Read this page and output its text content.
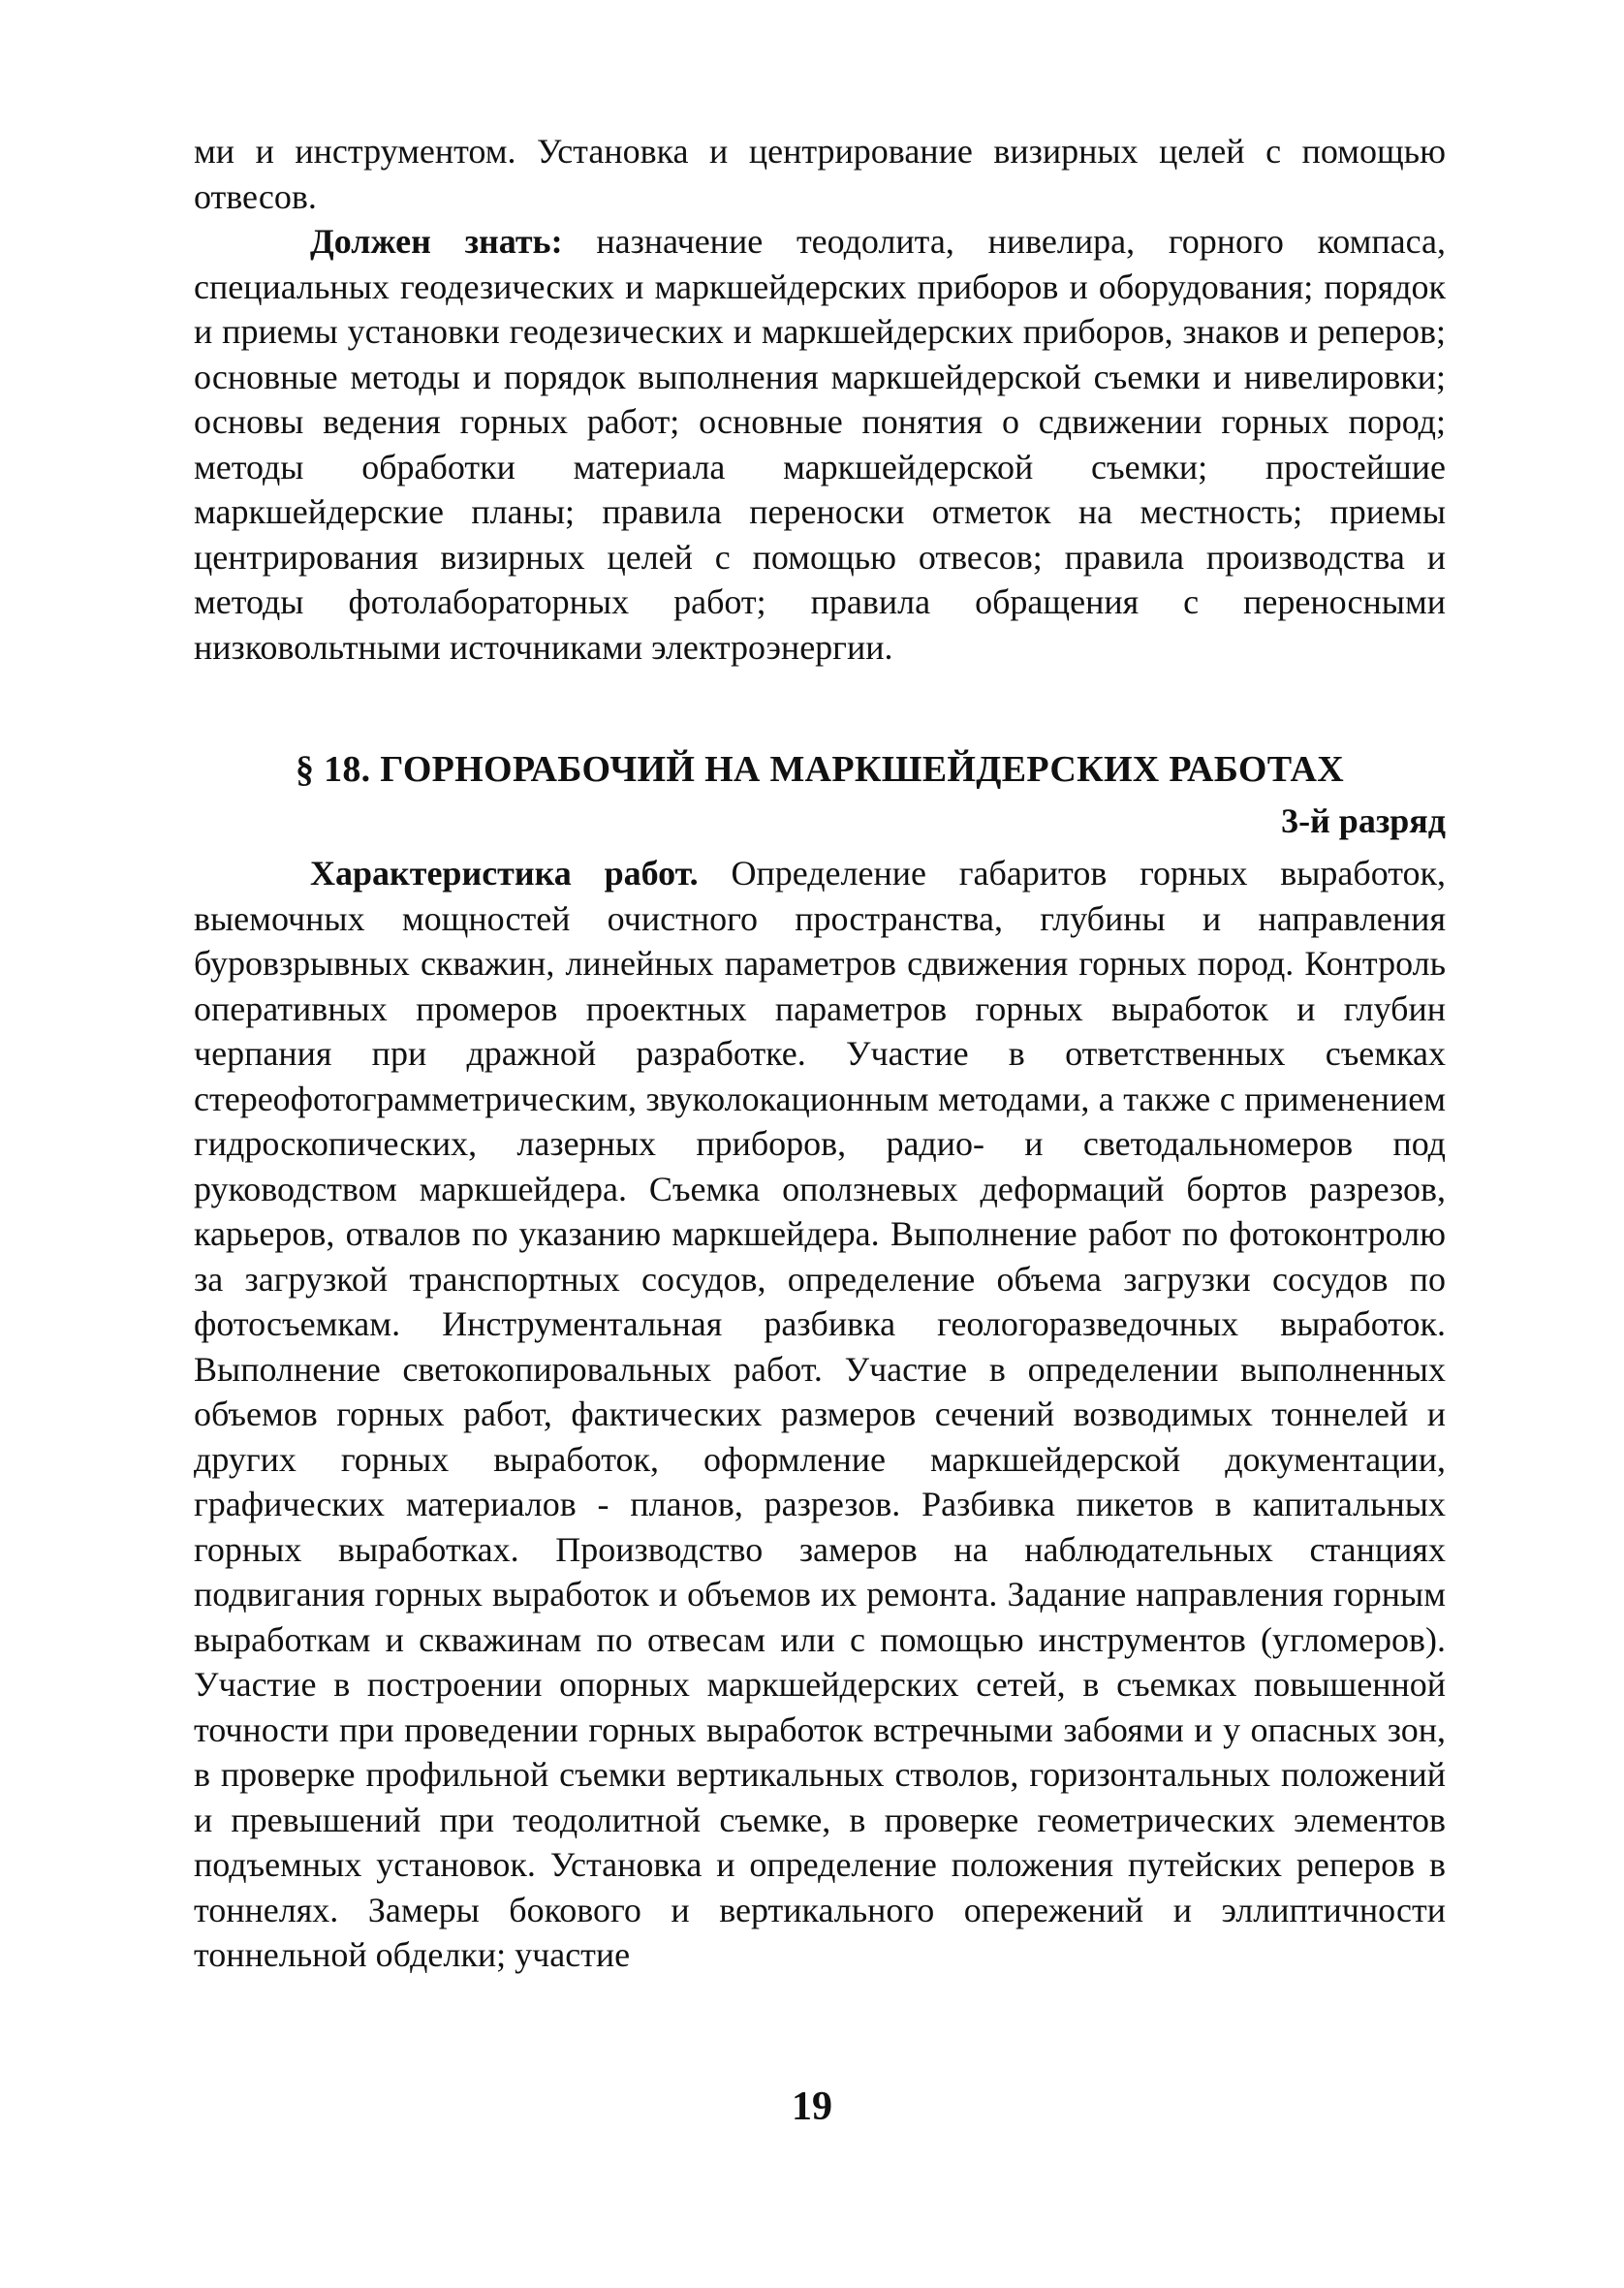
ми и инструментом. Установка и центрирование визирных целей с помощью отвесов.

Должен знать: назначение теодолита, нивелира, горного компаса, специальных геодезических и маркшейдерских приборов и оборудования; порядок и приемы установки геодезических и маркшейдерских приборов, знаков и реперов; основные методы и порядок выполнения маркшейдерской съемки и нивелировки; основы ведения горных работ; основные понятия о сдвижении горных пород; методы обработки материала маркшейдерской съемки; простейшие маркшейдерские планы; правила переноски отметок на местность; приемы центрирования визирных целей с помощью отвесов; правила производства и методы фотолабораторных работ; правила обращения с переносными низковольтными источниками электроэнергии.

§ 18. ГОРНОРАБОЧИЙ НА МАРКШЕЙДЕРСКИХ РАБОТАХ

3-й разряд

Характеристика работ. Определение габаритов горных выработок, выемочных мощностей очистного пространства, глубины и направления буровзрывных скважин, линейных параметров сдвижения горных пород. Контроль оперативных промеров проектных параметров горных выработок и глубин черпания при дражной разработке. Участие в ответственных съемках стереофотограмметрическим, звуколокационным методами, а также с применением гидроскопических, лазерных приборов, радио- и светодальномеров под руководством маркшейдера. Съемка оползневых деформаций бортов разрезов, карьеров, отвалов по указанию маркшейдера. Выполнение работ по фотоконтролю за загрузкой транспортных сосудов, определение объема загрузки сосудов по фотосъемкам. Инструментальная разбивка геологоразведочных выработок. Выполнение светокопировальных работ. Участие в определении выполненных объемов горных работ, фактических размеров сечений возводимых тоннелей и других горных выработок, оформление маркшейдерской документации, графических материалов - планов, разрезов. Разбивка пикетов в капитальных горных выработках. Производство замеров на наблюдательных станциях подвигания горных выработок и объемов их ремонта. Задание направления горным выработкам и скважинам по отвесам или с помощью инструментов (угломеров). Участие в построении опорных маркшейдерских сетей, в съемках повышенной точности при проведении горных выработок встречными забоями и у опасных зон, в проверке профильной съемки вертикальных стволов, горизонтальных положений и превышений при теодолитной съемке, в проверке геометрических элементов подъемных установок. Установка и определение положения путейских реперов в тоннелях. Замеры бокового и вертикального опережений и эллиптичности тоннельной обделки; участие

19
